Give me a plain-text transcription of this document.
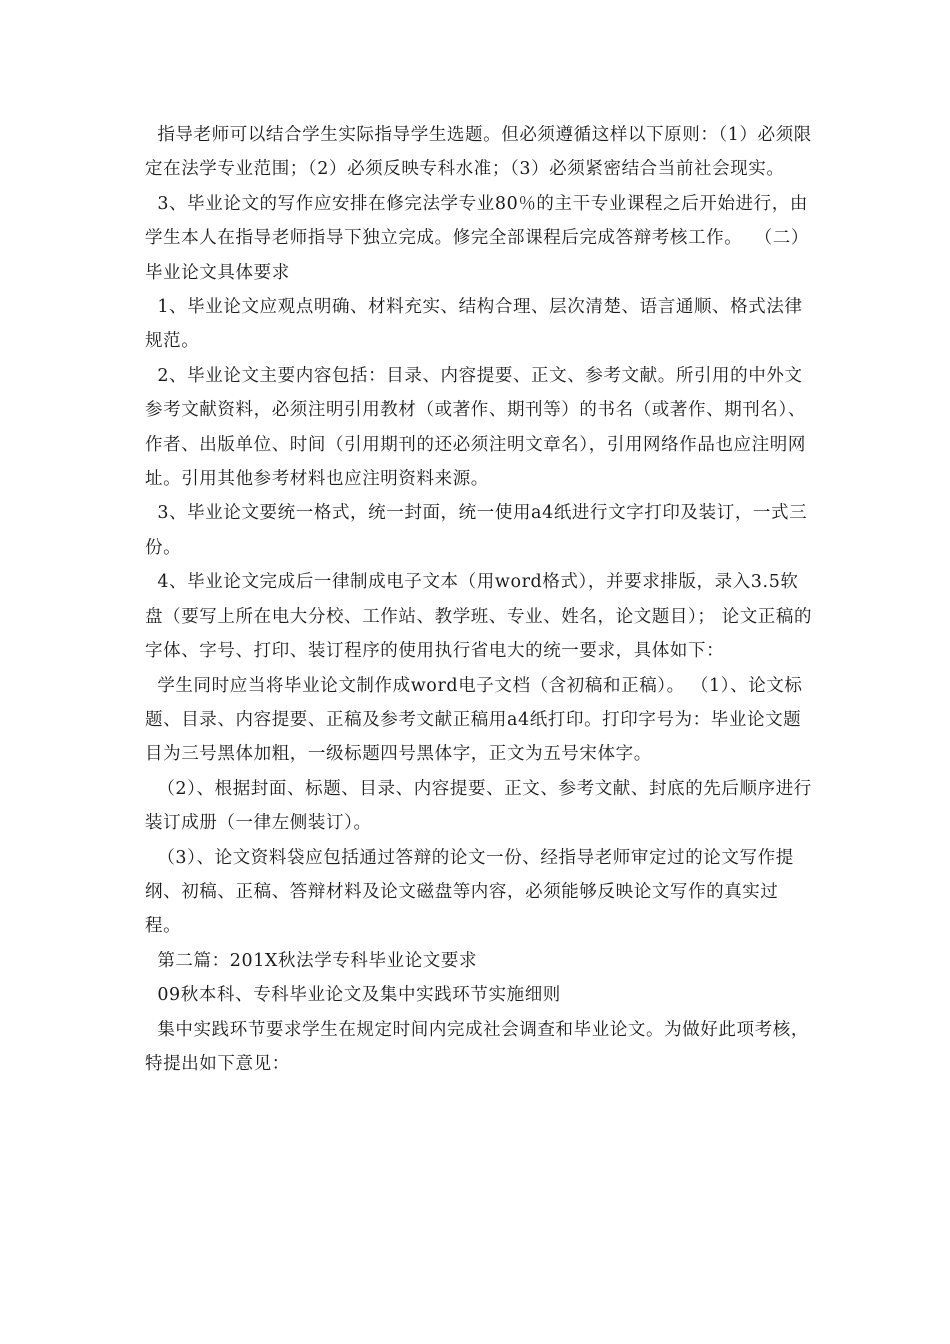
指导老师可以结合学生实际指导学生选题。但必须遵循这样以下原则：（1）必须限定在法学专业范围；（2）必须反映专科水准；（3）必须紧密结合当前社会现实。

3、毕业论文的写作应安排在修完法学专业80％的主干专业课程之后开始进行，由学生本人在指导老师指导下独立完成。修完全部课程后完成答辩考核工作。  （二）毕业论文具体要求

1、毕业论文应观点明确、材料充实、结构合理、层次清楚、语言通顺、格式法律规范。

2、毕业论文主要内容包括：目录、内容提要、正文、参考文献。所引用的中外文参考文献资料，必须注明引用教材（或著作、期刊等）的书名（或著作、期刊名）、作者、出版单位、时间（引用期刊的还必须注明文章名），引用网络作品也应注明网址。引用其他参考材料也应注明资料来源。

3、毕业论文要统一格式，统一封面，统一使用a4纸进行文字打印及装订，一式三份。

4、毕业论文完成后一律制成电子文本（用word格式），并要求排版，录入3.5软盘（要写上所在电大分校、工作站、教学班、专业、姓名，论文题目）； 论文正稿的字体、字号、打印、装订程序的使用执行省电大的统一要求，具体如下：

学生同时应当将毕业论文制作成word电子文档（含初稿和正稿）。 （1）、论文标题、目录、内容提要、正稿及参考文献正稿用a4纸打印。打印字号为：毕业论文题目为三号黑体加粗，一级标题四号黑体字，正文为五号宋体字。

（2）、根据封面、标题、目录、内容提要、正文、参考文献、封底的先后顺序进行装订成册（一律左侧装订）。

（3）、论文资料袋应包括通过答辩的论文一份、经指导老师审定过的论文写作提纲、初稿、正稿、答辩材料及论文磁盘等内容，必须能够反映论文写作的真实过程。

第二篇：201X秋法学专科毕业论文要求

09秋本科、专科毕业论文及集中实践环节实施细则

集中实践环节要求学生在规定时间内完成社会调查和毕业论文。为做好此项考核，特提出如下意见：
